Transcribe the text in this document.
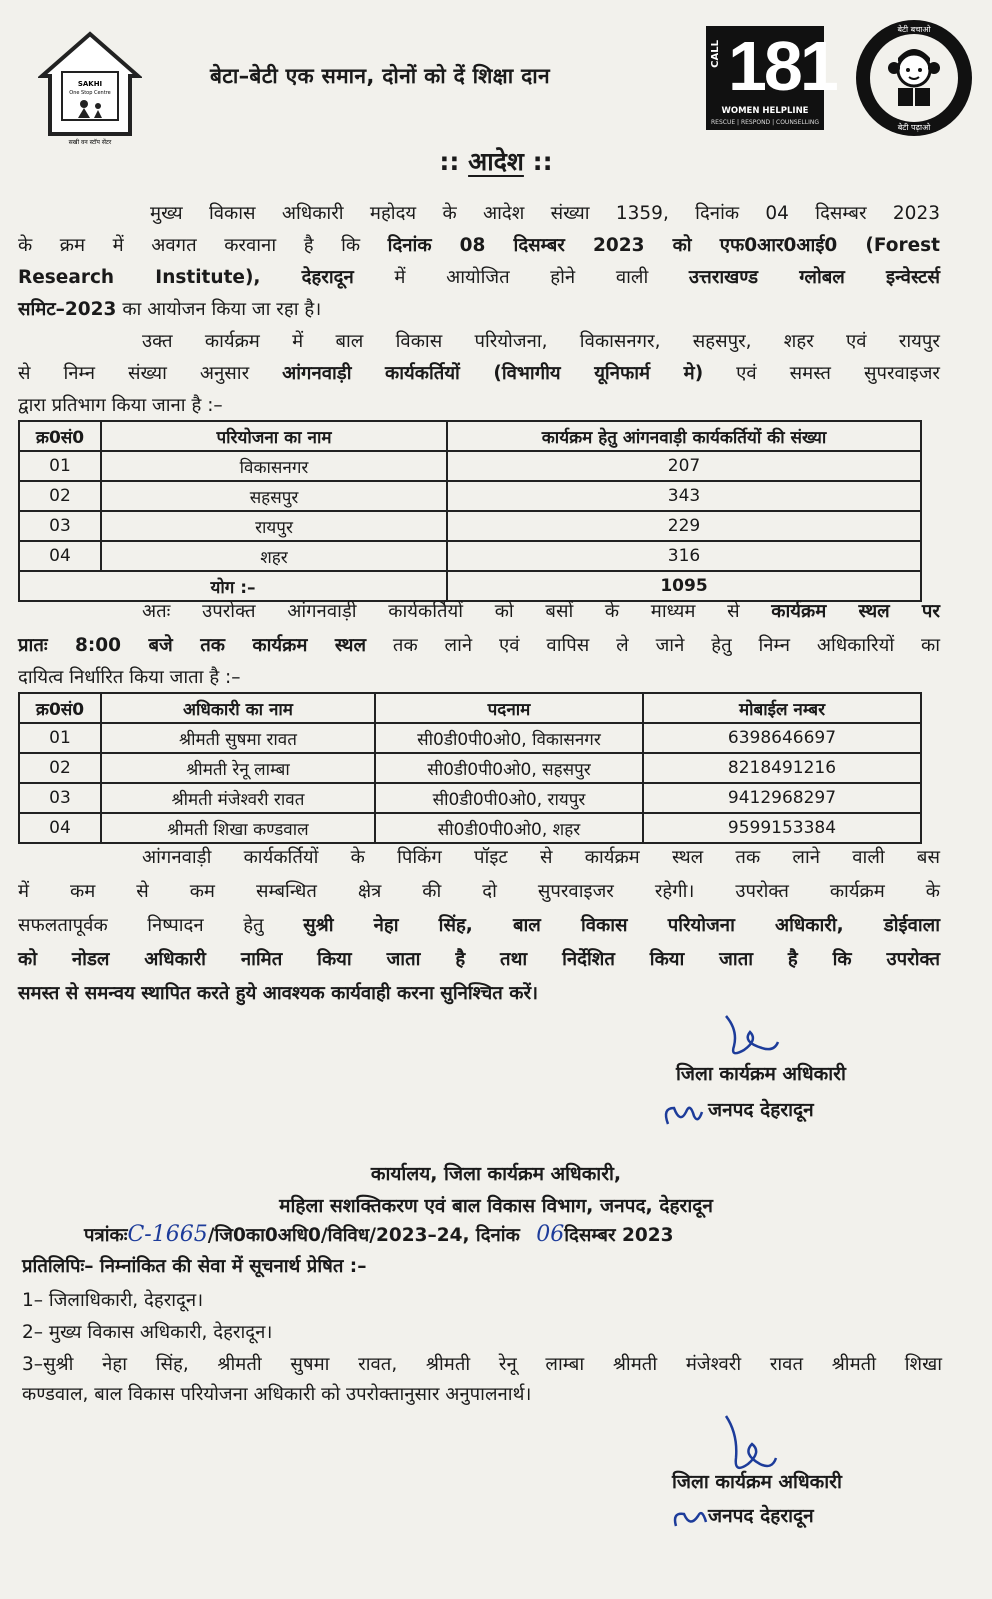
SAKHI
One Stop Centre
सखी वन स्टॉप सेंटर
बेटा–बेटी एक समान, दोनों को दें शिक्षा दान
CALL 181
WOMEN HELPLINE
RESCUE | RESPOND | COUNSELLING
बेटी बचाओ
बेटी पढ़ाओ
:: आदेश ::
मुख्य विकास अधिकारी महोदय के आदेश संख्या 1359, दिनांक 04 दिसम्बर 2023
के क्रम में अवगत करवाना है कि दिनांक 08 दिसम्बर 2023 को एफ0आर0आई0 (Forest
Research Institute), देहरादून में आयोजित होने वाली उत्तराखण्ड ग्लोबल इन्वेस्टर्स
समिट–2023 का आयोजन किया जा रहा है।
उक्त कार्यक्रम में बाल विकास परियोजना, विकासनगर, सहसपुर, शहर एवं रायपुर
से निम्न संख्या अनुसार आंगनवाड़ी कार्यकर्तियों (विभागीय यूनिफार्म मे) एवं समस्त सुपरवाइजर
द्वारा प्रतिभाग किया जाना है :–
क्र0सं0	परियोजना का नाम	कार्यक्रम हेतु आंगनवाड़ी कार्यकर्तियों की संख्या
01	विकासनगर	207
02	सहसपुर	343
03	रायपुर	229
04	शहर	316
योग :–		1095
अतः उपरोक्त आंगनवाड़ी कार्यकर्तियों को बसों के माध्यम से कार्यक्रम स्थल पर
प्रातः 8:00 बजे तक कार्यक्रम स्थल तक लाने एवं वापिस ले जाने हेतु निम्न अधिकारियों का
दायित्व निर्धारित किया जाता है :–
क्र0सं0	अधिकारी का नाम	पदनाम	मोबाईल नम्बर
01	श्रीमती सुषमा रावत	सी0डी0पी0ओ0, विकासनगर	6398646697
02	श्रीमती रेनू लाम्बा	सी0डी0पी0ओ0, सहसपुर	8218491216
03	श्रीमती मंजेश्वरी रावत	सी0डी0पी0ओ0, रायपुर	9412968297
04	श्रीमती शिखा कण्डवाल	सी0डी0पी0ओ0, शहर	9599153384
आंगनवाड़ी कार्यकर्तियों के पिकिंग पॉइट से कार्यक्रम स्थल तक लाने वाली बस
में कम से कम सम्बन्धित क्षेत्र की दो सुपरवाइजर रहेगी। उपरोक्त कार्यक्रम के
सफलतापूर्वक निष्पादन हेतु सुश्री नेहा सिंह, बाल विकास परियोजना अधिकारी, डोईवाला
को नोडल अधिकारी नामित किया जाता है तथा निर्देशित किया जाता है कि उपरोक्त
समस्त से समन्वय स्थापित करते हुये आवश्यक कार्यवाही करना सुनिश्चित करें।
जिला कार्यक्रम अधिकारी
जनपद देहरादून
कार्यालय, जिला कार्यक्रम अधिकारी,
महिला सशक्तिकरण एवं बाल विकास विभाग, जनपद, देहरादून
पत्रांकःC-1665/जि0का0अधि0/विविध/2023–24, दिनांक 06दिसम्बर 2023
प्रतिलिपिः– निम्नांकित की सेवा में सूचनार्थ प्रेषित :–
1– जिलाधिकारी, देहरादून।
2– मुख्य विकास अधिकारी, देहरादून।
3–सुश्री नेहा सिंह, श्रीमती सुषमा रावत, श्रीमती रेनू लाम्बा श्रीमती मंजेश्वरी रावत श्रीमती शिखा
कण्डवाल, बाल विकास परियोजना अधिकारी को उपरोक्तानुसार अनुपालनार्थ।
जिला कार्यक्रम अधिकारी
जनपद देहरादून
